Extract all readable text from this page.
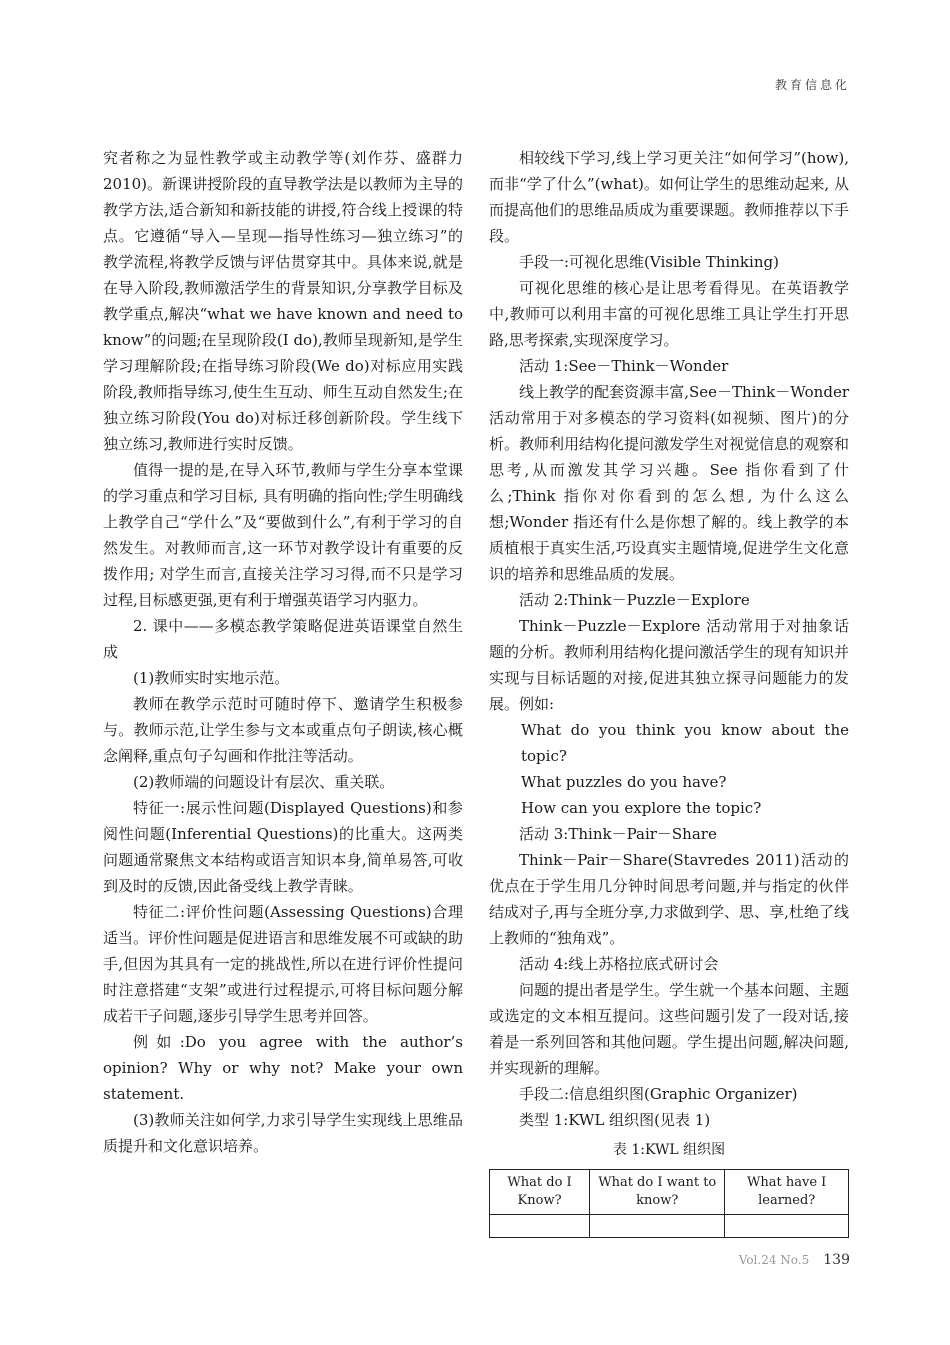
教育信息化

究者称之为显性教学或主动教学等(刘作芬、盛群力 2010)。新课讲授阶段的直导教学法是以教师为主导的教学方法,适合新知和新技能的讲授,符合线上授课的特点。它遵循“导入—呈现—指导性练习—独立练习”的教学流程,将教学反馈与评估贯穿其中。具体来说,就是在导入阶段,教师激活学生的背景知识,分享教学目标及教学重点,解决“what we have known and need to know”的问题;在呈现阶段(I do),教师呈现新知,是学生学习理解阶段;在指导练习阶段(We do)对标应用实践阶段,教师指导练习,使生生互动、师生互动自然发生;在独立练习阶段(You do)对标迁移创新阶段。学生线下独立练习,教师进行实时反馈。

值得一提的是,在导入环节,教师与学生分享本堂课的学习重点和学习目标, 具有明确的指向性;学生明确线上教学自己“学什么”及“要做到什么”,有利于学习的自然发生。对教师而言,这一环节对教学设计有重要的反拨作用; 对学生而言,直接关注学习习得,而不只是学习过程,目标感更强,更有利于增强英语学习内驱力。

2. 课中——多模态教学策略促进英语课堂自然生成

(1)教师实时实地示范。

教师在教学示范时可随时停下、邀请学生积极参与。教师示范,让学生参与文本或重点句子朗读,核心概念阐释,重点句子勾画和作批注等活动。

(2)教师端的问题设计有层次、重关联。

特征一:展示性问题(Displayed Questions)和参阅性问题(Inferential Questions)的比重大。这两类问题通常聚焦文本结构或语言知识本身,简单易答,可收到及时的反馈,因此备受线上教学青睐。

特征二:评价性问题(Assessing Questions)合理适当。评价性问题是促进语言和思维发展不可或缺的助手,但因为其具有一定的挑战性,所以在进行评价性提问时注意搭建“支架”或进行过程提示,可将目标问题分解成若干子问题,逐步引导学生思考并回答。

例如:Do you agree with the author’s opinion? Why or why not? Make your own statement.

(3)教师关注如何学,力求引导学生实现线上思维品质提升和文化意识培养。

相较线下学习,线上学习更关注“如何学习”(how),而非“学了什么”(what)。如何让学生的思维动起来, 从而提高他们的思维品质成为重要课题。教师推荐以下手段。

手段一:可视化思维(Visible Thinking)

可视化思维的核心是让思考看得见。在英语教学中,教师可以利用丰富的可视化思维工具让学生打开思路,思考探索,实现深度学习。

活动 1:See－Think－Wonder

线上教学的配套资源丰富,See－Think－Wonder 活动常用于对多模态的学习资料(如视频、图片)的分析。教师利用结构化提问激发学生对视觉信息的观察和思考,从而激发其学习兴趣。See 指你看到了什么;Think 指你对你看到的怎么想, 为什么这么想;Wonder 指还有什么是你想了解的。线上教学的本质植根于真实生活,巧设真实主题情境,促进学生文化意识的培养和思维品质的发展。

活动 2:Think－Puzzle－Explore

Think－Puzzle－Explore 活动常用于对抽象话题的分析。教师利用结构化提问激活学生的现有知识并实现与目标话题的对接,促进其独立探寻问题能力的发展。例如:

What do you think you know about the topic?

What puzzles do you have?

How can you explore the topic?

活动 3:Think－Pair－Share

Think－Pair－Share(Stavredes 2011)活动的优点在于学生用几分钟时间思考问题,并与指定的伙伴结成对子,再与全班分享,力求做到学、思、享,杜绝了线上教师的“独角戏”。

活动 4:线上苏格拉底式研讨会

问题的提出者是学生。学生就一个基本问题、主题或选定的文本相互提问。这些问题引发了一段对话,接着是一系列回答和其他问题。学生提出问题,解决问题,并实现新的理解。

手段二:信息组织图(Graphic Organizer)

类型 1:KWL 组织图(见表 1)

表 1:KWL 组织图

What do I Know?	What do I want to know?	What have I learned?

Vol.24 No.5 139
